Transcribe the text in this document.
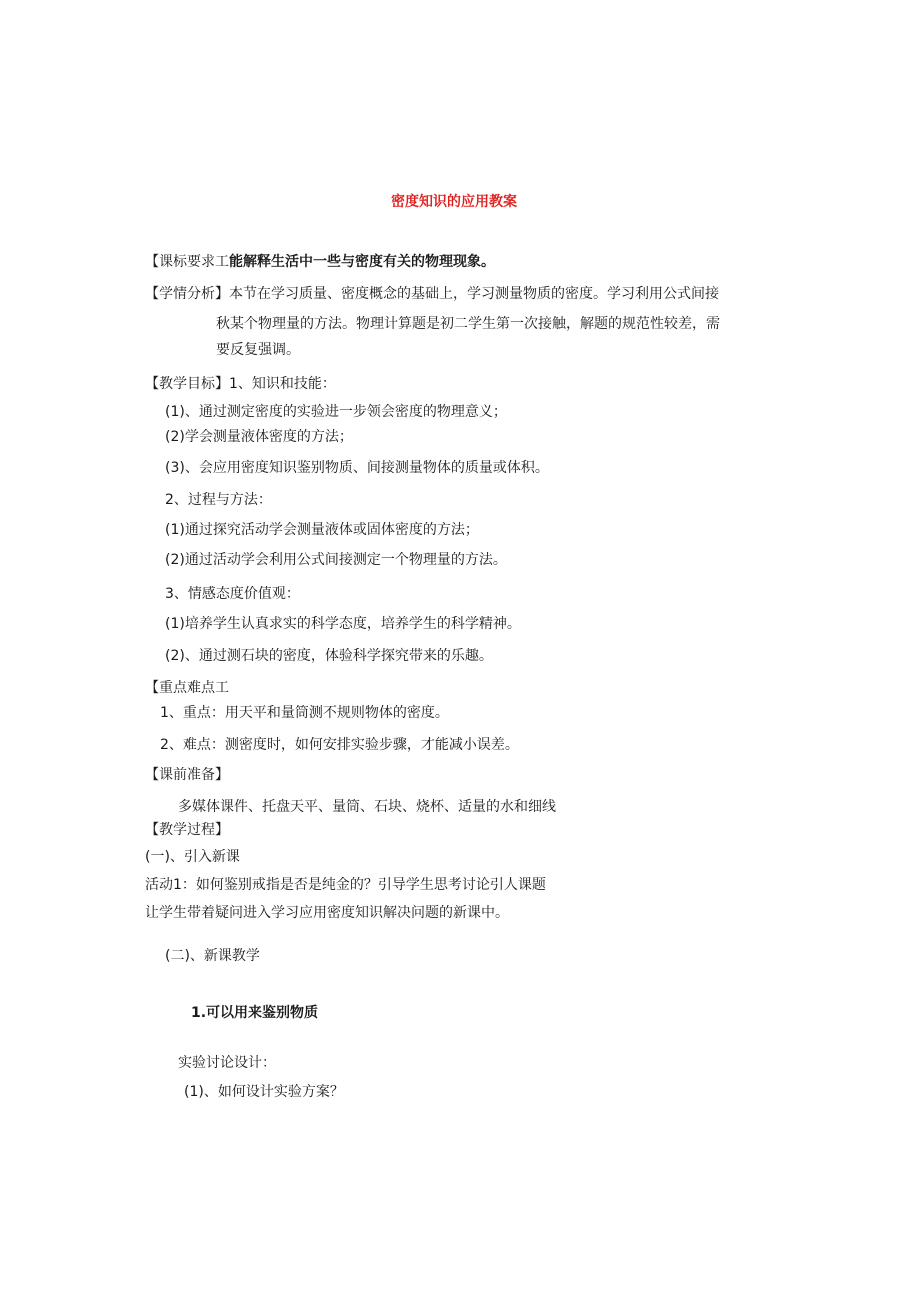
密度知识的应用教案
【课标要求工能解释生活中一些与密度有关的物理现象。
【学情分析】本节在学习质量、密度概念的基础上，学习测量物质的密度。学习利用公式间接
秋某个物理量的方法。物理计算题是初二学生第一次接触，解题的规范性较差，需
要反复强调。
【教学目标】1、知识和技能：
(1)、通过测定密度的实验进一步领会密度的物理意义；
(2)学会测量液体密度的方法；
(3)、会应用密度知识鉴别物质、间接测量物体的质量或体积。
2、过程与方法：
(1)通过探究活动学会测量液体或固体密度的方法；
(2)通过活动学会利用公式间接测定一个物理量的方法。
3、情感态度价值观：
(1)培养学生认真求实的科学态度，培养学生的科学精神。
(2)、通过测石块的密度，体验科学探究带来的乐趣。
【重点难点工
1、重点：用天平和量筒测不规则物体的密度。
2、难点：测密度时，如何安排实验步骤，才能减小误差。
【课前准备】
多媒体课件、托盘天平、量筒、石块、烧杯、适量的水和细线
【教学过程】
(一)、引入新课
活动1：如何鉴别戒指是否是纯金的？引导学生思考讨论引人课题
让学生带着疑问进入学习应用密度知识解决问题的新课中。
(二)、新课教学
1.可以用来鉴别物质
实验讨论设计：
(1)、如何设计实验方案？
